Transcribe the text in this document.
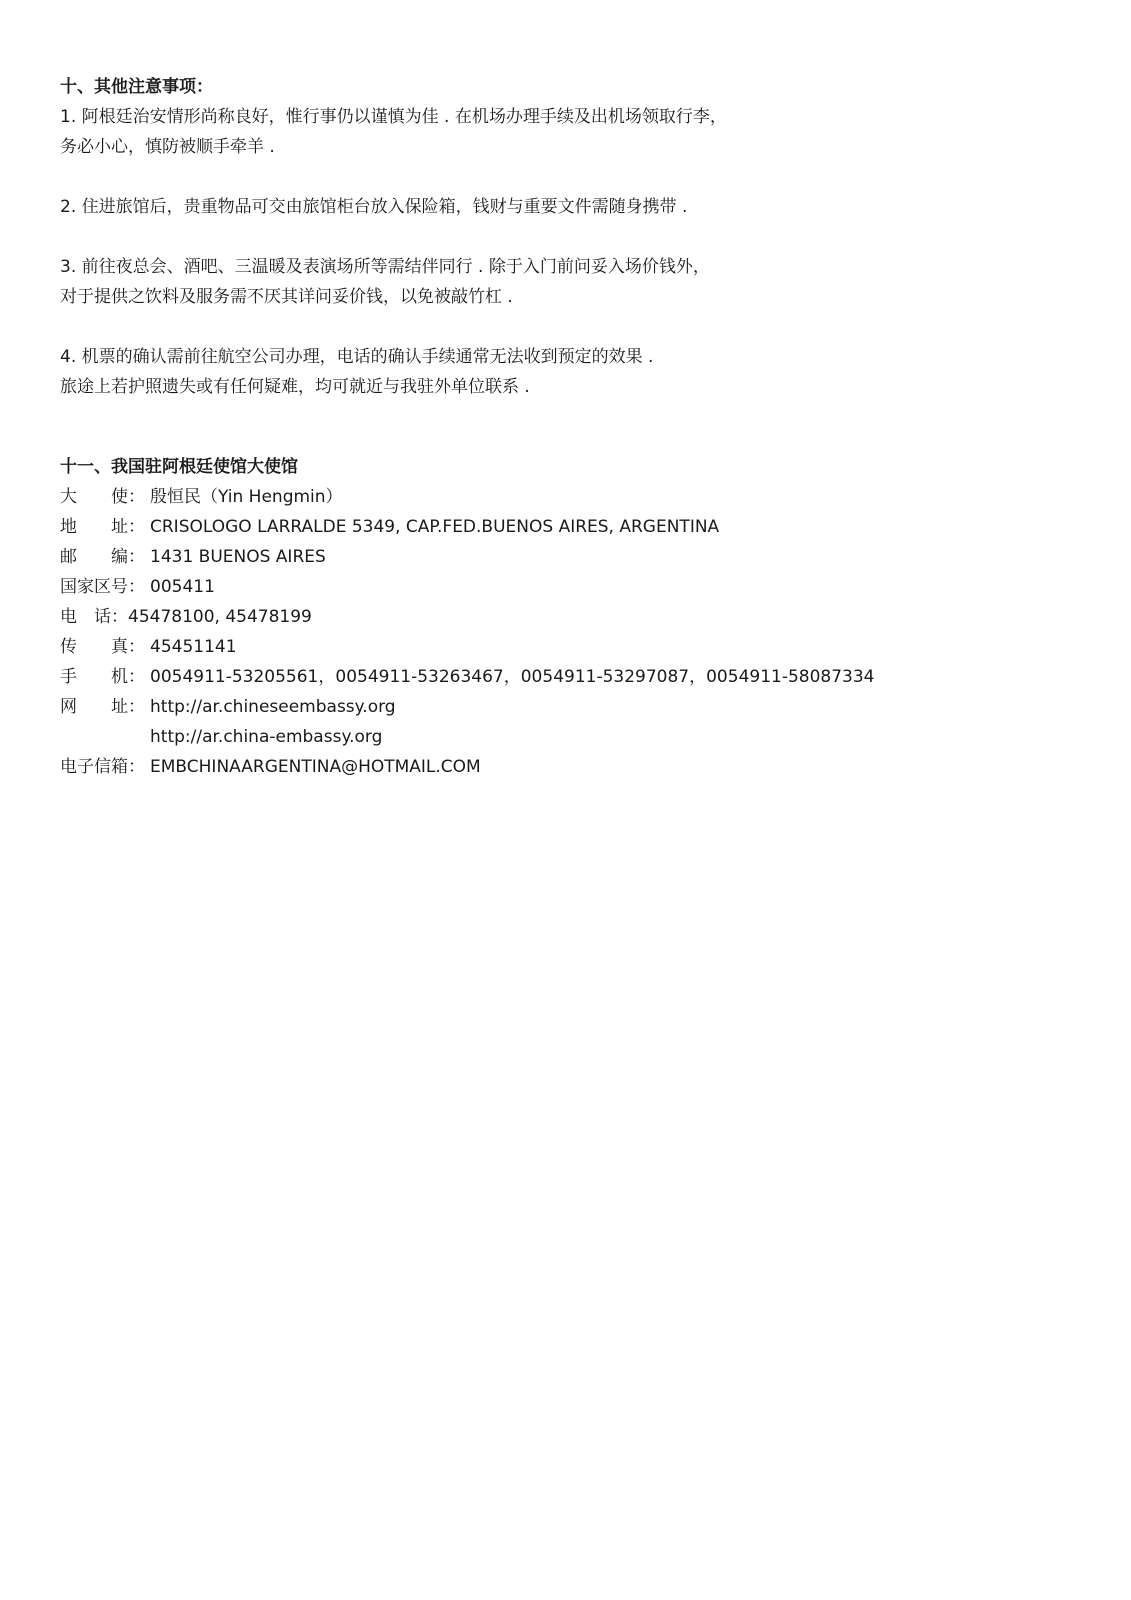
十、其他注意事项：

1. 阿根廷治安情形尚称良好，惟行事仍以谨慎为佳 . 在机场办理手续及出机场领取行李，
务必小心，慎防被顺手牵羊 .

2. 住进旅馆后，贵重物品可交由旅馆柜台放入保险箱，钱财与重要文件需随身携带 .

3. 前往夜总会、酒吧、三温暖及表演场所等需结伴同行 . 除于入门前问妥入场价钱外，
对于提供之饮料及服务需不厌其详问妥价钱，以免被敲竹杠 .

4. 机票的确认需前往航空公司办理，电话的确认手续通常无法收到预定的效果 .
旅途上若护照遗失或有任何疑难，均可就近与我驻外单位联系 .

十一、我国驻阿根廷使馆大使馆

大　　使： 殷恒民（Yin Hengmin）
地　　址：CRISOLOGO LARRALDE 5349, CAP.FED.BUENOS AIRES, ARGENTINA
邮　　编：1431 BUENOS AIRES
国家区号：005411
电　话：45478100, 45478199
传　　真：45451141
手　　机： 0054911-53205561，0054911-53263467，0054911-53297087，0054911-58087334
网　　址： http://ar.chineseembassy.org
http://ar.china-embassy.org
电子信箱： EMBCHINAARGENTINA@HOTMAIL.COM
